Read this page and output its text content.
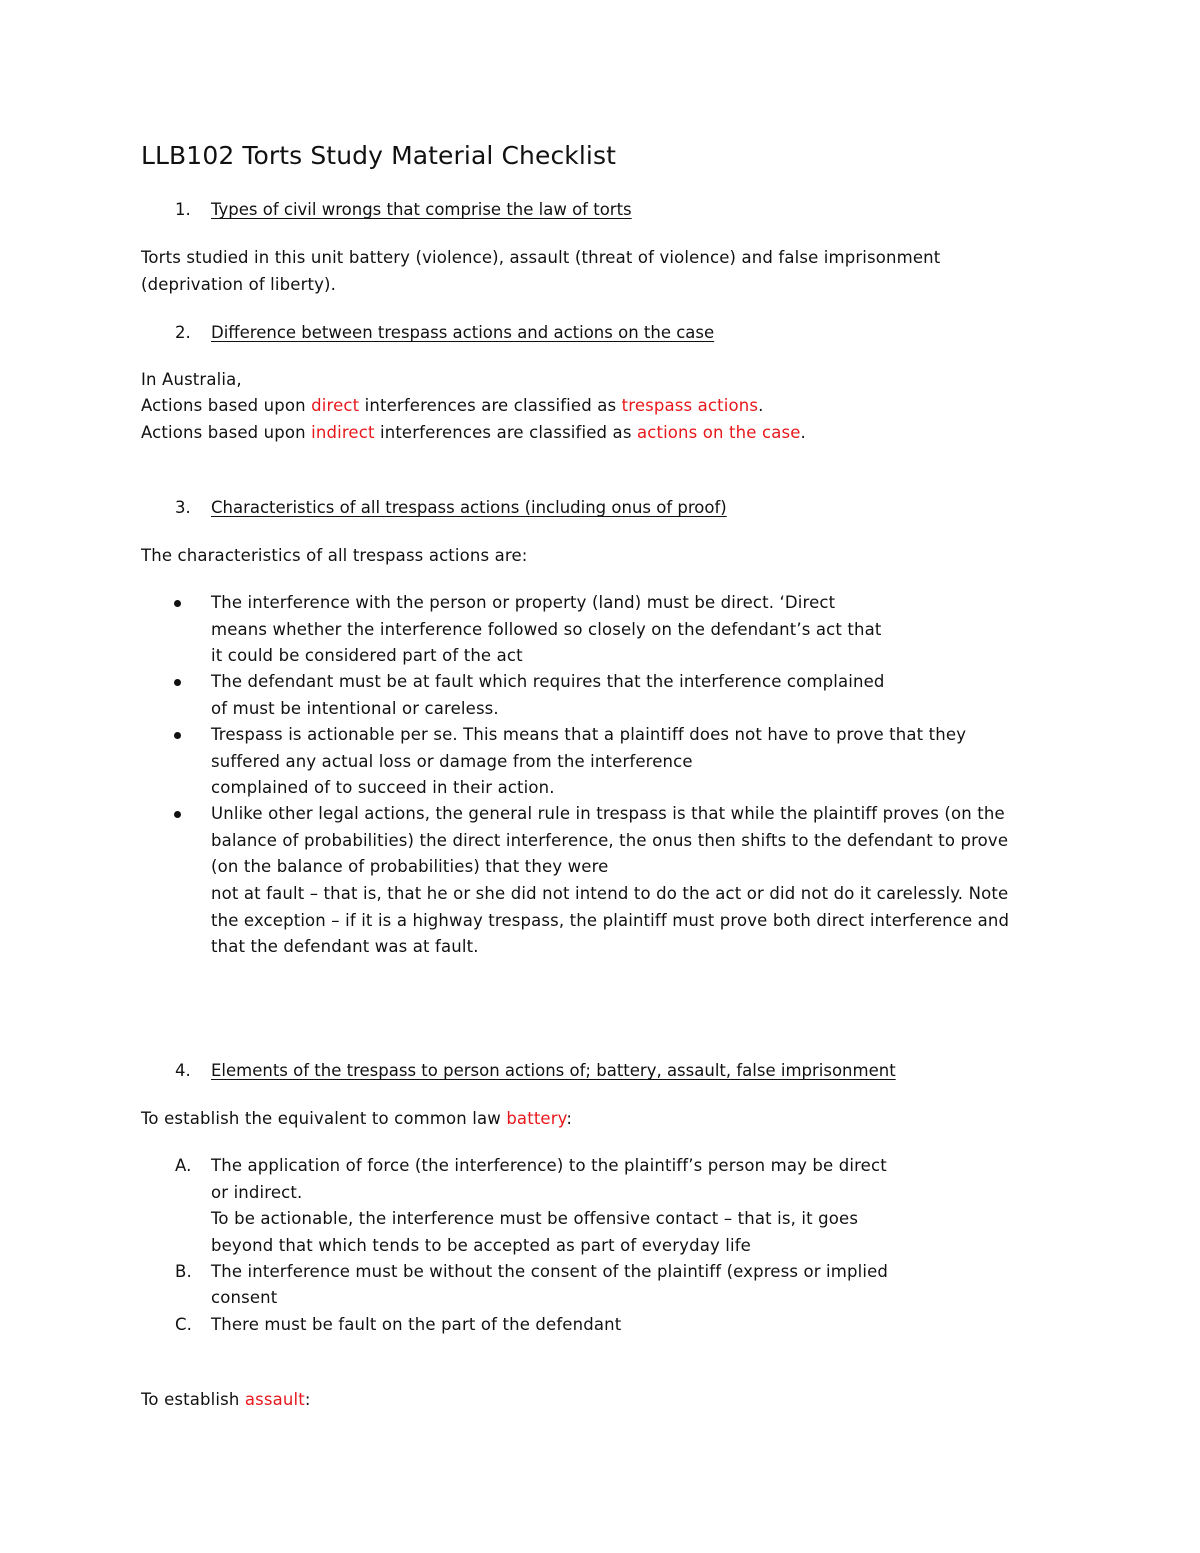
LLB102 Torts Study Material Checklist
1. Types of civil wrongs that comprise the law of torts
Torts studied in this unit battery (violence), assault (threat of violence) and false imprisonment
(deprivation of liberty).
2. Difference between trespass actions and actions on the case
In Australia,
Actions based upon direct interferences are classified as trespass actions.
Actions based upon indirect interferences are classified as actions on the case.
3. Characteristics of all trespass actions (including onus of proof)
The characteristics of all trespass actions are:
The interference with the person or property (land) must be direct. ‘Direct
means whether the interference followed so closely on the defendant’s act that
it could be considered part of the act
The defendant must be at fault which requires that the interference complained
of must be intentional or careless.
Trespass is actionable per se. This means that a plaintiff does not have to prove that they
suffered any actual loss or damage from the interference
complained of to succeed in their action.
Unlike other legal actions, the general rule in trespass is that while the plaintiff proves (on the
balance of probabilities) the direct interference, the onus then shifts to the defendant to prove
(on the balance of probabilities) that they were
not at fault – that is, that he or she did not intend to do the act or did not do it carelessly. Note
the exception – if it is a highway trespass, the plaintiff must prove both direct interference and
that the defendant was at fault.
4. Elements of the trespass to person actions of; battery, assault, false imprisonment
To establish the equivalent to common law battery:
A. The application of force (the interference) to the plaintiff’s person may be direct
or indirect.
To be actionable, the interference must be offensive contact – that is, it goes
beyond that which tends to be accepted as part of everyday life
B. The interference must be without the consent of the plaintiff (express or implied
consent
C. There must be fault on the part of the defendant
To establish assault:
